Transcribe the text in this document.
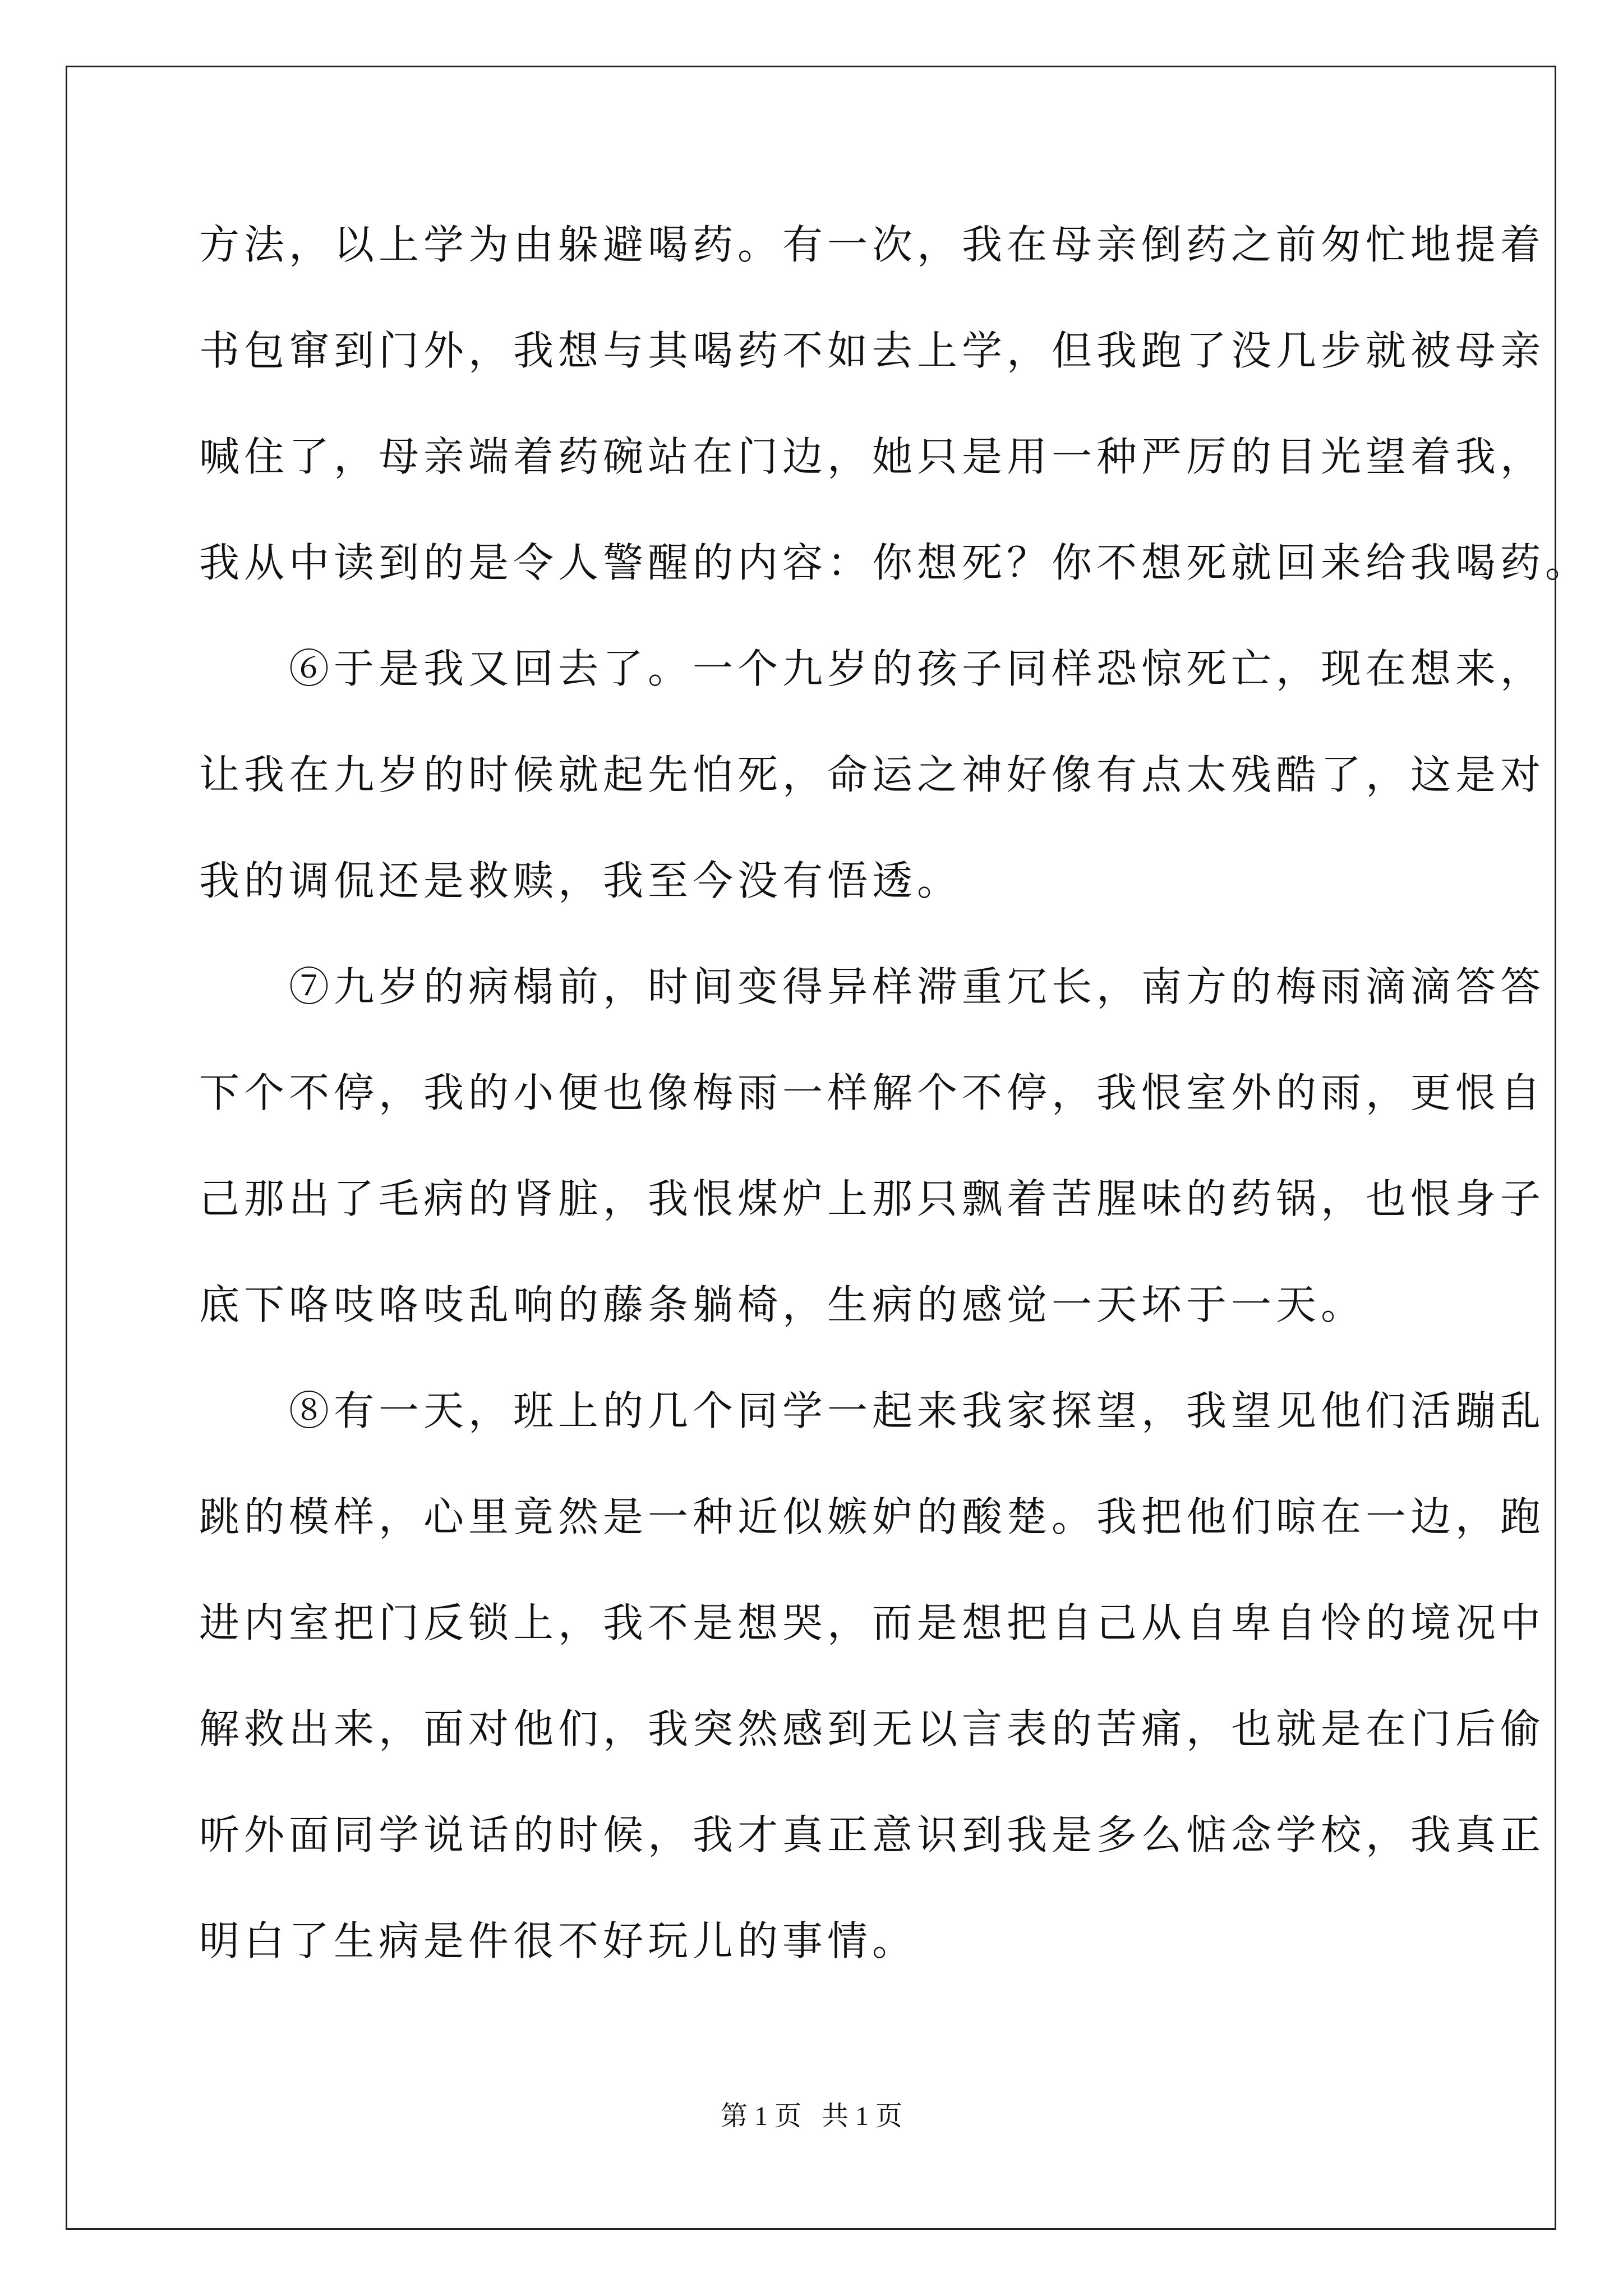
方法，以上学为由躲避喝药。有一次，我在母亲倒药之前匆忙地提着
书包窜到门外，我想与其喝药不如去上学，但我跑了没几步就被母亲
喊住了，母亲端着药碗站在门边，她只是用一种严厉的目光望着我，
我从中读到的是令人警醒的内容：你想死？你不想死就回来给我喝药。
⑥于是我又回去了。一个九岁的孩子同样恐惊死亡，现在想来，
让我在九岁的时候就起先怕死，命运之神好像有点太残酷了，这是对
我的调侃还是救赎，我至今没有悟透。
⑦九岁的病榻前，时间变得异样滞重冗长，南方的梅雨滴滴答答
下个不停，我的小便也像梅雨一样解个不停，我恨室外的雨，更恨自
己那出了毛病的肾脏，我恨煤炉上那只飘着苦腥味的药锅，也恨身子
底下咯吱咯吱乱响的藤条躺椅，生病的感觉一天坏于一天。
⑧有一天，班上的几个同学一起来我家探望，我望见他们活蹦乱
跳的模样，心里竟然是一种近似嫉妒的酸楚。我把他们晾在一边，跑
进内室把门反锁上，我不是想哭，而是想把自己从自卑自怜的境况中
解救出来，面对他们，我突然感到无以言表的苦痛，也就是在门后偷
听外面同学说话的时候，我才真正意识到我是多么惦念学校，我真正
明白了生病是件很不好玩儿的事情。
第 1 页 共 1 页
